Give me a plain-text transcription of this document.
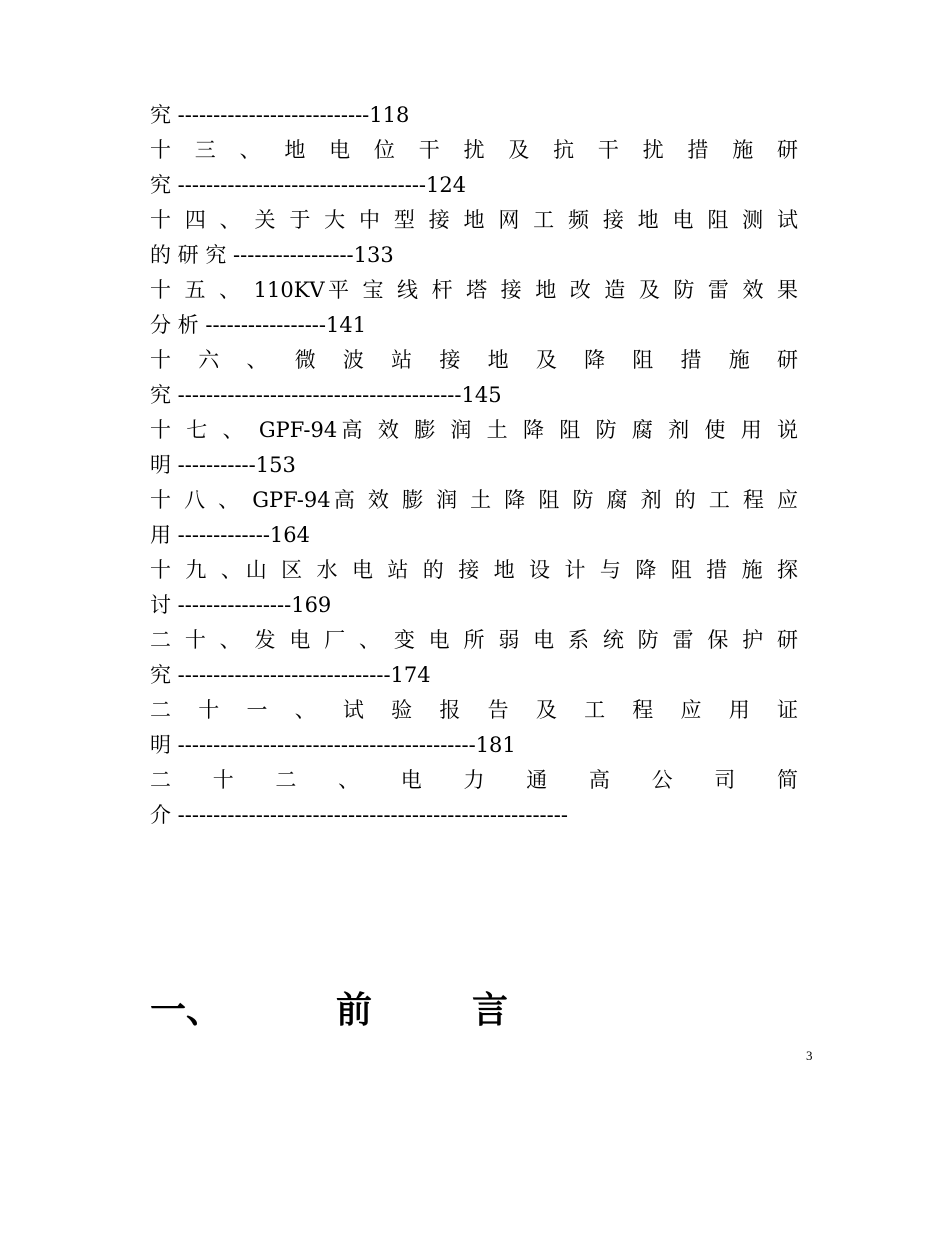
究 ---------------------------118
十 三 、 地 电 位 干 扰 及 抗 干 扰 措 施 研
究 -----------------------------------124
十 四 、 关 于 大 中 型 接 地 网 工 频 接 地 电 阻 测 试
的 研 究 -----------------133
十 五 、 110KV平 宝 线 杆 塔 接 地 改 造 及 防 雷 效 果
分 析 -----------------141
十 六 、 微 波 站 接 地 及 降 阻 措 施 研
究 ----------------------------------------145
十 七 、 GPF-94高 效 膨 润 土 降 阻 防 腐 剂 使 用 说
明 -----------153
十 八 、 GPF-94高 效 膨 润 土 降 阻 防 腐 剂 的 工 程 应
用 -------------164
十 九 、山 区 水 电 站 的 接 地 设 计 与 降 阻 措 施 探
讨 ----------------169
二 十 、 发 电 厂 、 变 电 所 弱 电 系 统 防 雷 保 护 研
究 ------------------------------174
二 十 一 、 试 验 报 告 及 工 程 应 用 证
明 ------------------------------------------181
二 十 二 、 电 力 通 高 公 司 简
介 -------------------------------------------------------

一、

	前

	言

3
